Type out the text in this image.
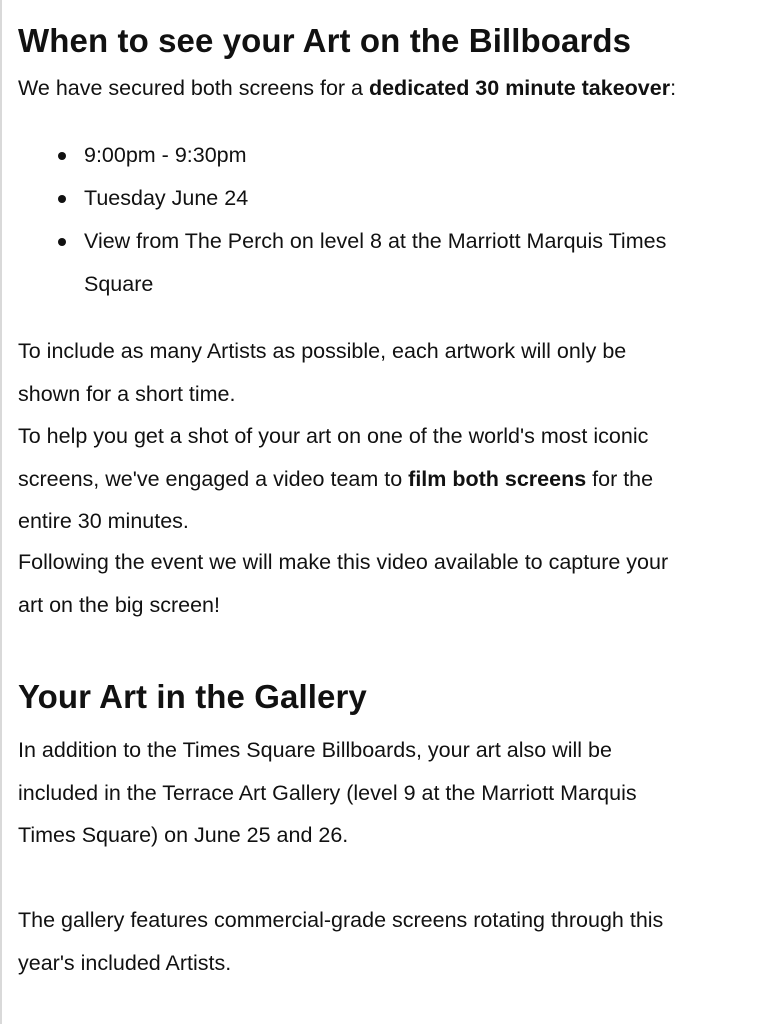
When to see your Art on the Billboards

We have secured both screens for a dedicated 30 minute takeover:

9:00pm - 9:30pm
Tuesday June 24
View from The Perch on level 8 at the Marriott Marquis Times
Square

To include as many Artists as possible, each artwork will only be

shown for a short time.

To help you get a shot of your art on one of the world's most iconic

screens, we've engaged a video team to film both screens for the

entire 30 minutes.

Following the event we will make this video available to capture your

art on the big screen!

Your Art in the Gallery

In addition to the Times Square Billboards, your art also will be

included in the Terrace Art Gallery (level 9 at the Marriott Marquis

Times Square) on June 25 and 26.

The gallery features commercial-grade screens rotating through this

year's included Artists.
